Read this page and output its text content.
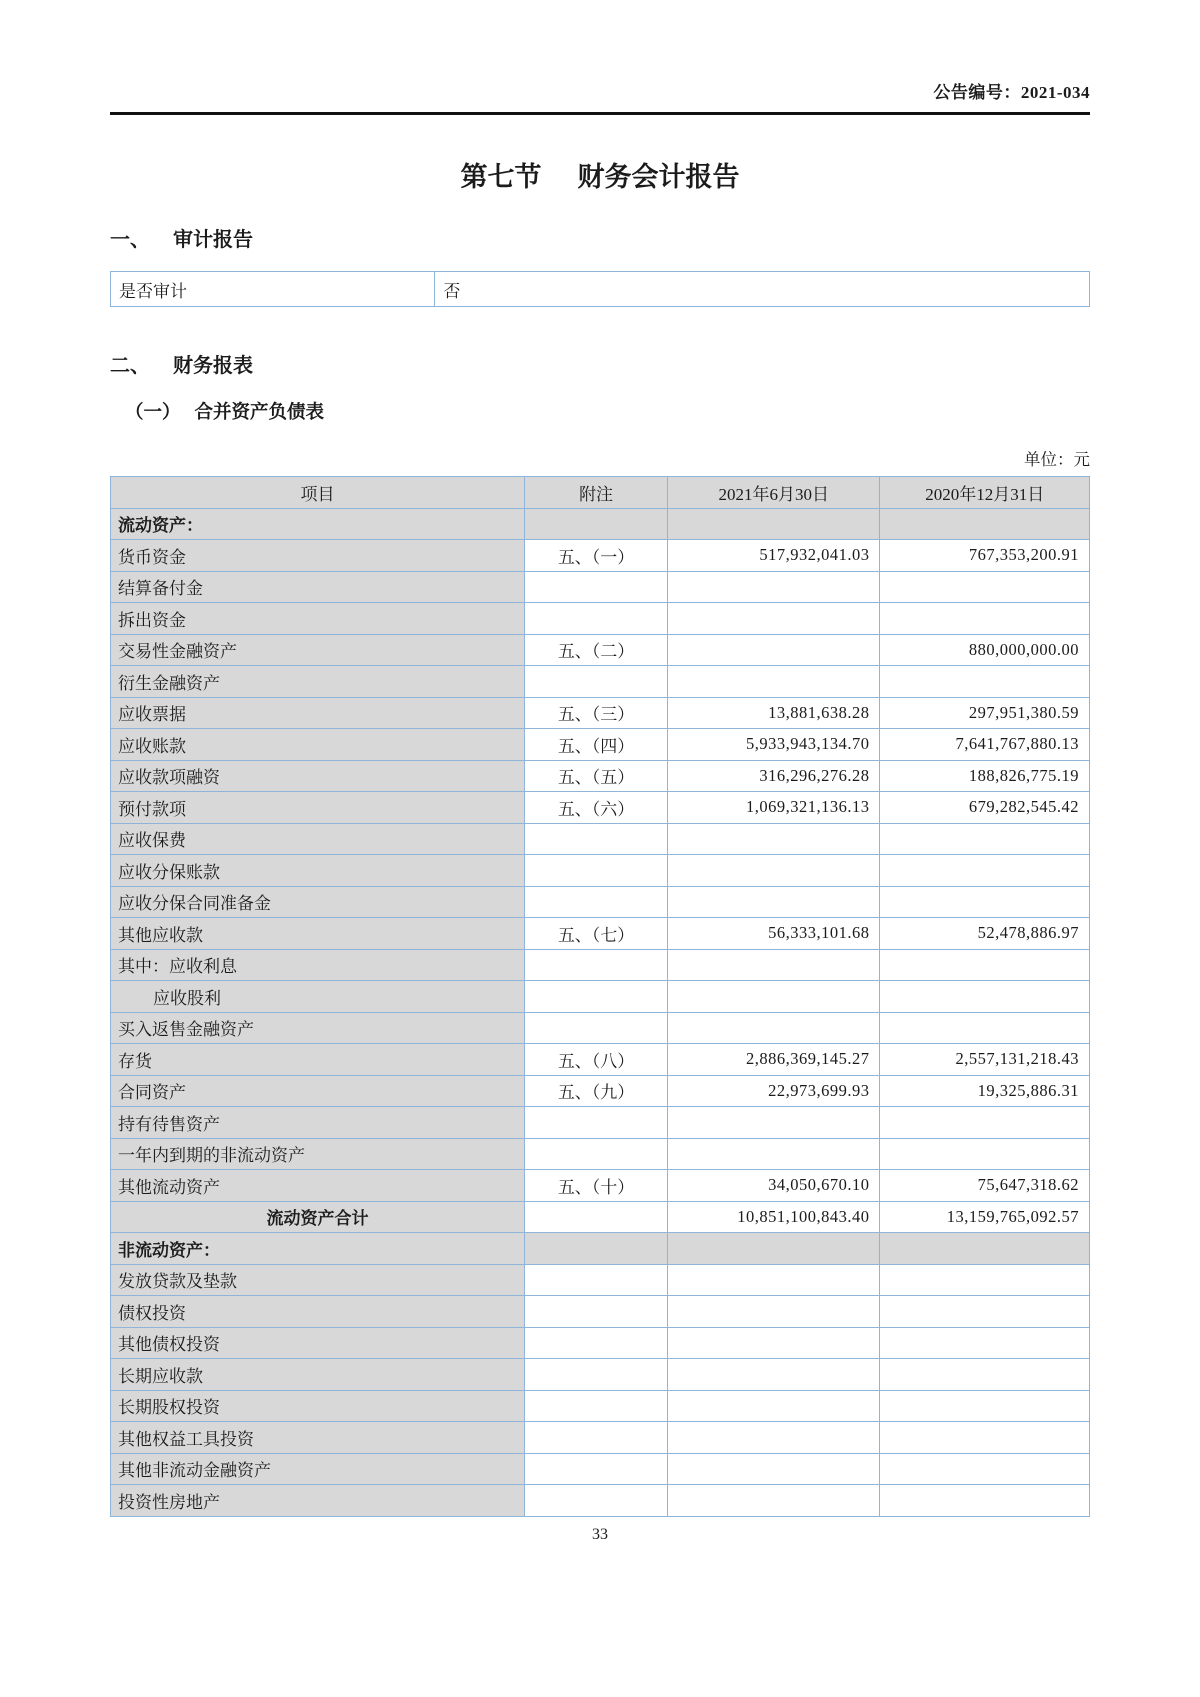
公告编号：2021-034
第七节 财务会计报告
一、 审计报告
是否审计	否
二、 财务报表
（一） 合并资产负债表
单位：元
项目	附注	2021年6月30日	2020年12月31日
流动资产：			
货币资金	五、（一）	517,932,041.03	767,353,200.91
结算备付金			
拆出资金			
交易性金融资产	五、（二）		880,000,000.00
衍生金融资产			
应收票据	五、（三）	13,881,638.28	297,951,380.59
应收账款	五、（四）	5,933,943,134.70	7,641,767,880.13
应收款项融资	五、（五）	316,296,276.28	188,826,775.19
预付款项	五、（六）	1,069,321,136.13	679,282,545.42
应收保费			
应收分保账款			
应收分保合同准备金			
其他应收款	五、（七）	56,333,101.68	52,478,886.97
其中：应收利息			
应收股利			
买入返售金融资产			
存货	五、（八）	2,886,369,145.27	2,557,131,218.43
合同资产	五、（九）	22,973,699.93	19,325,886.31
持有待售资产			
一年内到期的非流动资产			
其他流动资产	五、（十）	34,050,670.10	75,647,318.62
流动资产合计		10,851,100,843.40	13,159,765,092.57
非流动资产：			
发放贷款及垫款			
债权投资			
其他债权投资			
长期应收款			
长期股权投资			
其他权益工具投资			
其他非流动金融资产			
投资性房地产			
33
